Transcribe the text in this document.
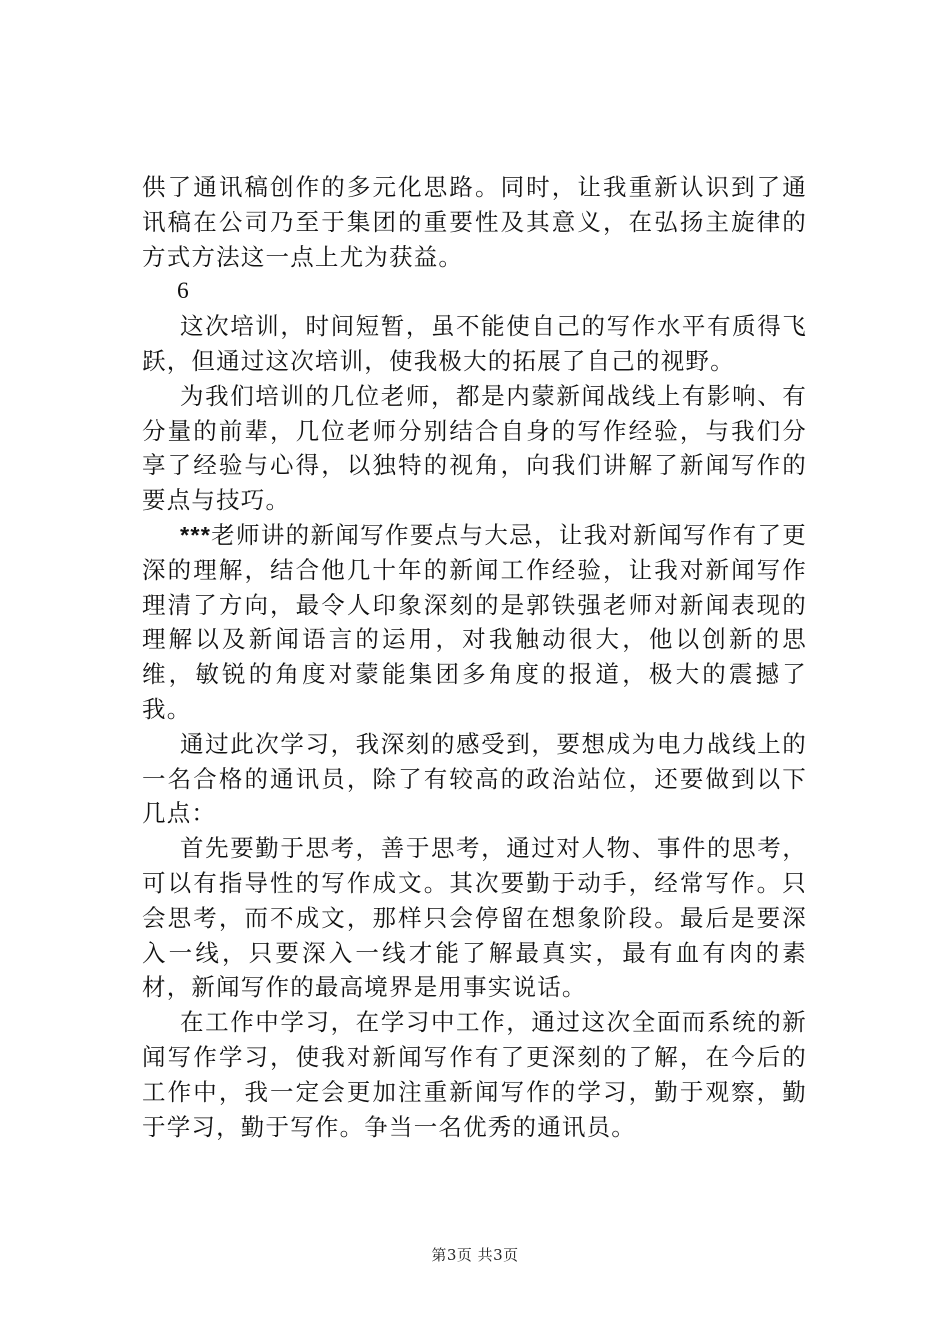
供了通讯稿创作的多元化思路。同时，让我重新认识到了通讯稿在公司乃至于集团的重要性及其意义，在弘扬主旋律的方式方法这一点上尤为获益。

6

这次培训，时间短暂，虽不能使自己的写作水平有质得飞跃，但通过这次培训，使我极大的拓展了自己的视野。

为我们培训的几位老师，都是内蒙新闻战线上有影响、有分量的前辈，几位老师分别结合自身的写作经验，与我们分享了经验与心得，以独特的视角，向我们讲解了新闻写作的要点与技巧。

***老师讲的新闻写作要点与大忌，让我对新闻写作有了更深的理解，结合他几十年的新闻工作经验，让我对新闻写作理清了方向，最令人印象深刻的是郭铁强老师对新闻表现的理解以及新闻语言的运用，对我触动很大，他以创新的思维，敏锐的角度对蒙能集团多角度的报道，极大的震撼了我。

通过此次学习，我深刻的感受到，要想成为电力战线上的一名合格的通讯员，除了有较高的政治站位，还要做到以下几点：

首先要勤于思考，善于思考，通过对人物、事件的思考，可以有指导性的写作成文。其次要勤于动手，经常写作。只会思考，而不成文，那样只会停留在想象阶段。最后是要深入一线，只要深入一线才能了解最真实，最有血有肉的素材，新闻写作的最高境界是用事实说话。

在工作中学习，在学习中工作，通过这次全面而系统的新闻写作学习，使我对新闻写作有了更深刻的了解，在今后的工作中，我一定会更加注重新闻写作的学习，勤于观察，勤于学习，勤于写作。争当一名优秀的通讯员。

第3页 共3页
